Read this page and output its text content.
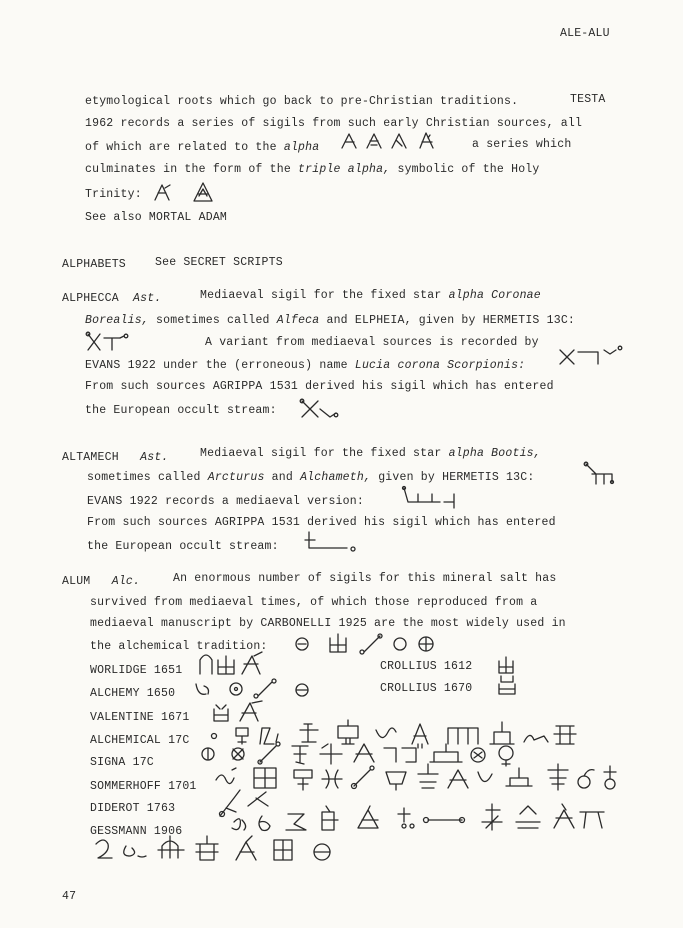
ALE-ALU
47
etymological roots which go back to pre-Christian traditions.	TESTA
1962 records a series of sigils from such early Christian sources, all
of which are related to the alpha	a series which
culminates in the form of the triple alpha, symbolic of the Holy
Trinity:
See also MORTAL ADAM
ALPHABETS	See SECRET SCRIPTS
ALPHECCA Ast.	Mediaeval sigil for the fixed star alpha Coronae
Borealis, sometimes called Alfeca and ELPHEIA, given by HERMETIS 13C:
A variant from mediaeval sources is recorded by
EVANS 1922 under the (erroneous) name Lucia corona Scorpionis:
From such sources AGRIPPA 1531 derived his sigil which has entered
the European occult stream:
ALTAMECH Ast.	Mediaeval sigil for the fixed star alpha Bootis,
sometimes called Arcturus and Alchameth, given by HERMETIS 13C:
EVANS 1922 records a mediaeval version:
From such sources AGRIPPA 1531 derived his sigil which has entered
the European occult stream:
ALUM Alc.	An enormous number of sigils for this mineral salt has
survived from mediaeval times, of which those reproduced from a
mediaeval manuscript by CARBONELLI 1925 are the most widely used in
the alchemical tradition:
WORLIDGE 1651	CROLLIUS 1612
ALCHEMY 1650	CROLLIUS 1670
VALENTINE 1671
ALCHEMICAL 17C
SIGNA 17C
SOMMERHOFF 1701
DIDEROT 1763
GESSMANN 1906
